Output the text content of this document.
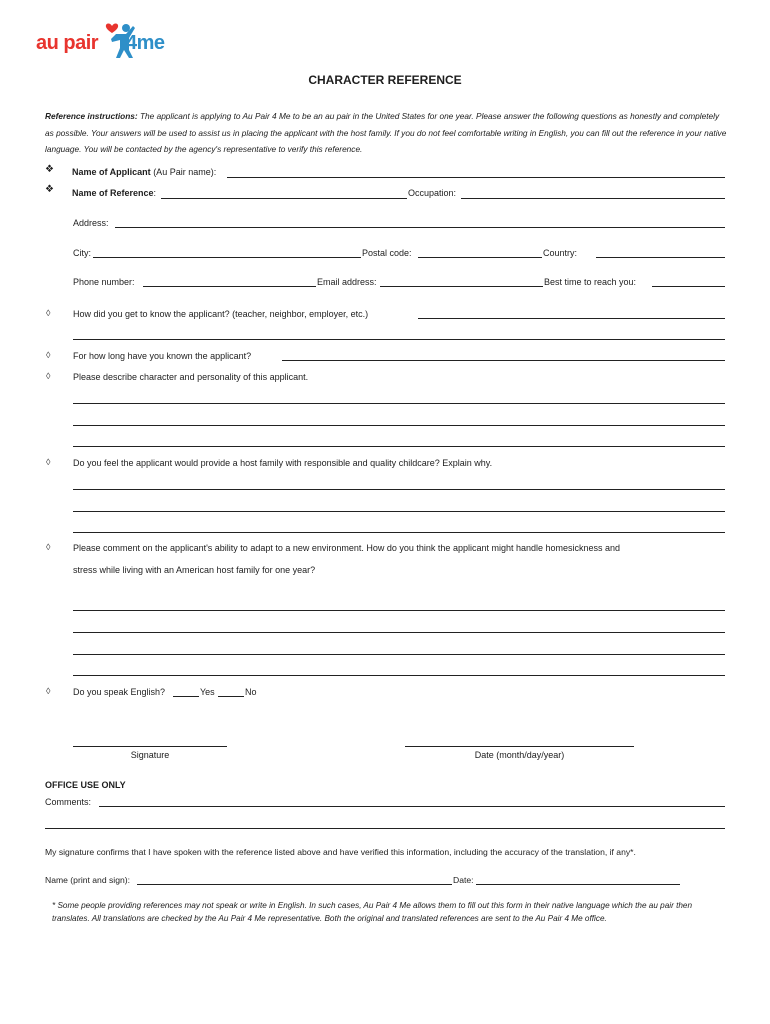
au pair 4me
CHARACTER REFERENCE
Reference instructions: The applicant is applying to Au Pair 4 Me to be an au pair in the United States for one year. Please answer the following questions as honestly and completely as possible. Your answers will be used to assist us in placing the applicant with the host family. If you do not feel comfortable writing in English, you can fill out the reference in your native language. You will be contacted by the agency's representative to verify this reference.
❖ Name of Applicant (Au Pair name):
❖ Name of Reference:	Occupation:
Address:
City:	Postal code:	Country:
Phone number:	Email address:	Best time to reach you:
◊	How did you get to know the applicant? (teacher, neighbor, employer, etc.)
◊	For how long have you known the applicant?
◊	Please describe character and personality of this applicant.
◊	Do you feel the applicant would provide a host family with responsible and quality childcare? Explain why.
◊	Please comment on the applicant's ability to adapt to a new environment. How do you think the applicant might handle homesickness and
stress while living with an American host family for one year?
◊	Do you speak English?	Yes	No
Signature	Date (month/day/year)
OFFICE USE ONLY
Comments:
My signature confirms that I have spoken with the reference listed above and have verified this information, including the accuracy of the translation, if any*.
Name (print and sign):	Date:
* Some people providing references may not speak or write in English. In such cases, Au Pair 4 Me allows them to fill out this form in their native language which the au pair then translates. All translations are checked by the Au Pair 4 Me representative. Both the original and translated references are sent to the Au Pair 4 Me office.
